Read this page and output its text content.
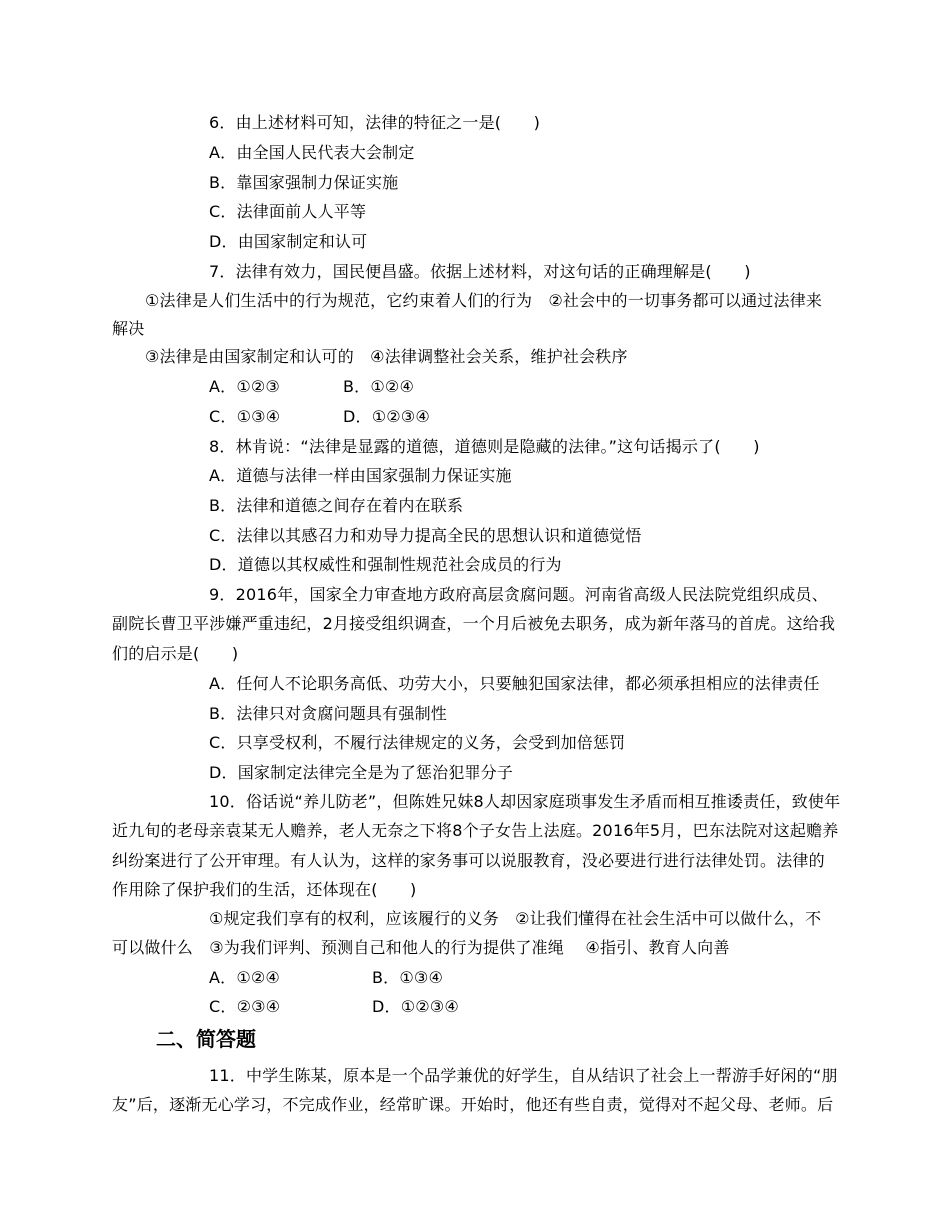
6．由上述材料可知，法律的特征之一是(　　)
A．由全国人民代表大会制定
B．靠国家强制力保证实施
C．法律面前人人平等
D．由国家制定和认可
7．法律有效力，国民便昌盛。依据上述材料，对这句话的正确理解是(　　)
①法律是人们生活中的行为规范，它约束着人们的行为　②社会中的一切事务都可以通过法律来
解决
③法律是由国家制定和认可的　④法律调整社会关系，维护社会秩序
A．①②③	B．①②④
C．①③④	D．①②③④
8．林肯说：“法律是显露的道德，道德则是隐藏的法律。”这句话揭示了(　　)
A．道德与法律一样由国家强制力保证实施
B．法律和道德之间存在着内在联系
C．法律以其感召力和劝导力提高全民的思想认识和道德觉悟
D．道德以其权威性和强制性规范社会成员的行为
9．2016年，国家全力审查地方政府高层贪腐问题。河南省高级人民法院党组织成员、
副院长曹卫平涉嫌严重违纪，2月接受组织调查，一个月后被免去职务，成为新年落马的首虎。这给我
们的启示是(　　)
A．任何人不论职务高低、功劳大小，只要触犯国家法律，都必须承担相应的法律责任
B．法律只对贪腐问题具有强制性
C．只享受权利，不履行法律规定的义务，会受到加倍惩罚
D．国家制定法律完全是为了惩治犯罪分子
10．俗话说“养儿防老”，但陈姓兄妹8人却因家庭琐事发生矛盾而相互推诿责任，致使年
近九旬的老母亲袁某无人赡养，老人无奈之下将8个子女告上法庭。2016年5月，巴东法院对这起赡养
纠纷案进行了公开审理。有人认为，这样的家务事可以说服教育，没必要进行进行法律处罚。法律的
作用除了保护我们的生活，还体现在(　　)
①规定我们享有的权利，应该履行的义务　②让我们懂得在社会生活中可以做什么，不
可以做什么　③为我们评判、预测自己和他人的行为提供了准绳　 ④指引、教育人向善
A．①②④	B．①③④
C．②③④	D．①②③④
二、简答题
11．中学生陈某，原本是一个品学兼优的好学生，自从结识了社会上一帮游手好闲的“朋
友”后，逐渐无心学习，不完成作业，经常旷课。开始时，他还有些自责，觉得对不起父母、老师。后
